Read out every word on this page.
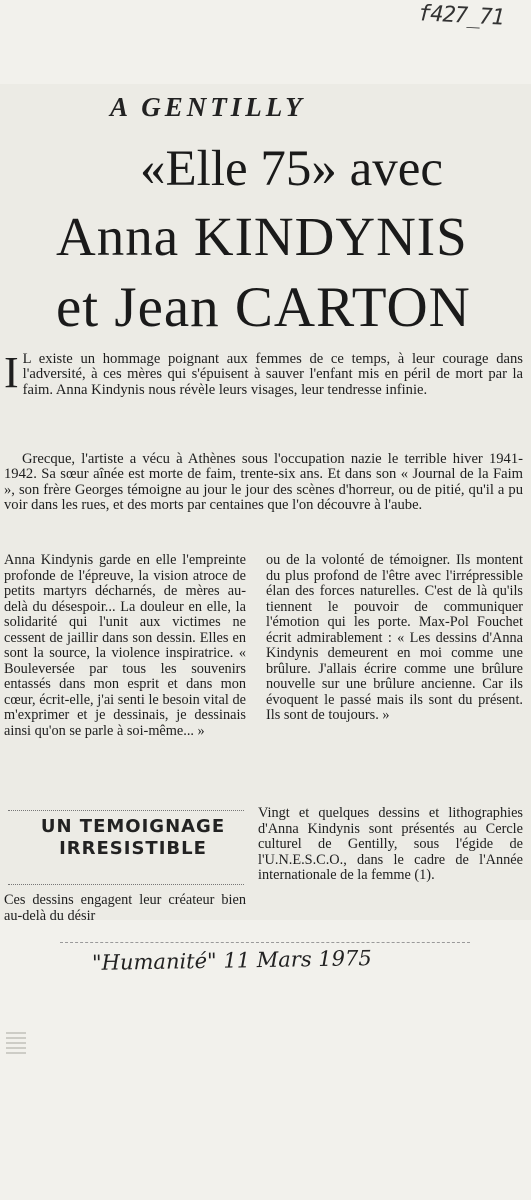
f427_71
A GENTILLY
«Elle 75» avec
Anna KINDYNIS
et Jean CARTON
I L existe un hommage poignant aux femmes de ce temps, à leur courage dans l'adversité, à ces mères qui s'épuisent à sauver l'enfant mis en péril de mort par la faim. Anna Kindynis nous révèle leurs visages, leur tendresse infinie.
Grecque, l'artiste a vécu à Athènes sous l'occupation nazie le terrible hiver 1941-1942. Sa sœur aînée est morte de faim, trente-six ans. Et dans son « Journal de la Faim », son frère Georges témoigne au jour le jour des scènes d'horreur, ou de pitié, qu'il a pu voir dans les rues, et des morts par centaines que l'on découvre à l'aube.
Anna Kindynis garde en elle l'empreinte profonde de l'épreuve, la vision atroce de petits martyrs décharnés, de mères au-delà du désespoir... La douleur en elle, la solidarité qui l'unit aux victimes ne cessent de jaillir dans son dessin. Elles en sont la source, la violence inspiratrice. « Bouleversée par tous les souvenirs entassés dans mon esprit et dans mon cœur, écrit-elle, j'ai senti le besoin vital de m'exprimer et je dessinais, je dessinais ainsi qu'on se parle à soi-même... »
UN TEMOIGNAGE IRRESISTIBLE
Ces dessins engagent leur créateur bien au-delà du désir
ou de la volonté de témoigner. Ils montent du plus profond de l'être avec l'irrépressible élan des forces naturelles. C'est de là qu'ils tiennent le pouvoir de communiquer l'émotion qui les porte. Max-Pol Fouchet écrit admirablement : « Les dessins d'Anna Kindynis demeurent en moi comme une brûlure. J'allais écrire comme une brûlure nouvelle sur une brûlure ancienne. Car ils évoquent le passé mais ils sont du présent. Ils sont de toujours. »
Vingt et quelques dessins et lithographies d'Anna Kindynis sont présentés au Cercle culturel de Gentilly, sous l'égide de l'U.N.E.S.C.O., dans le cadre de l'Année internationale de la femme (1).
"Humanité" 11 Mars 1975
